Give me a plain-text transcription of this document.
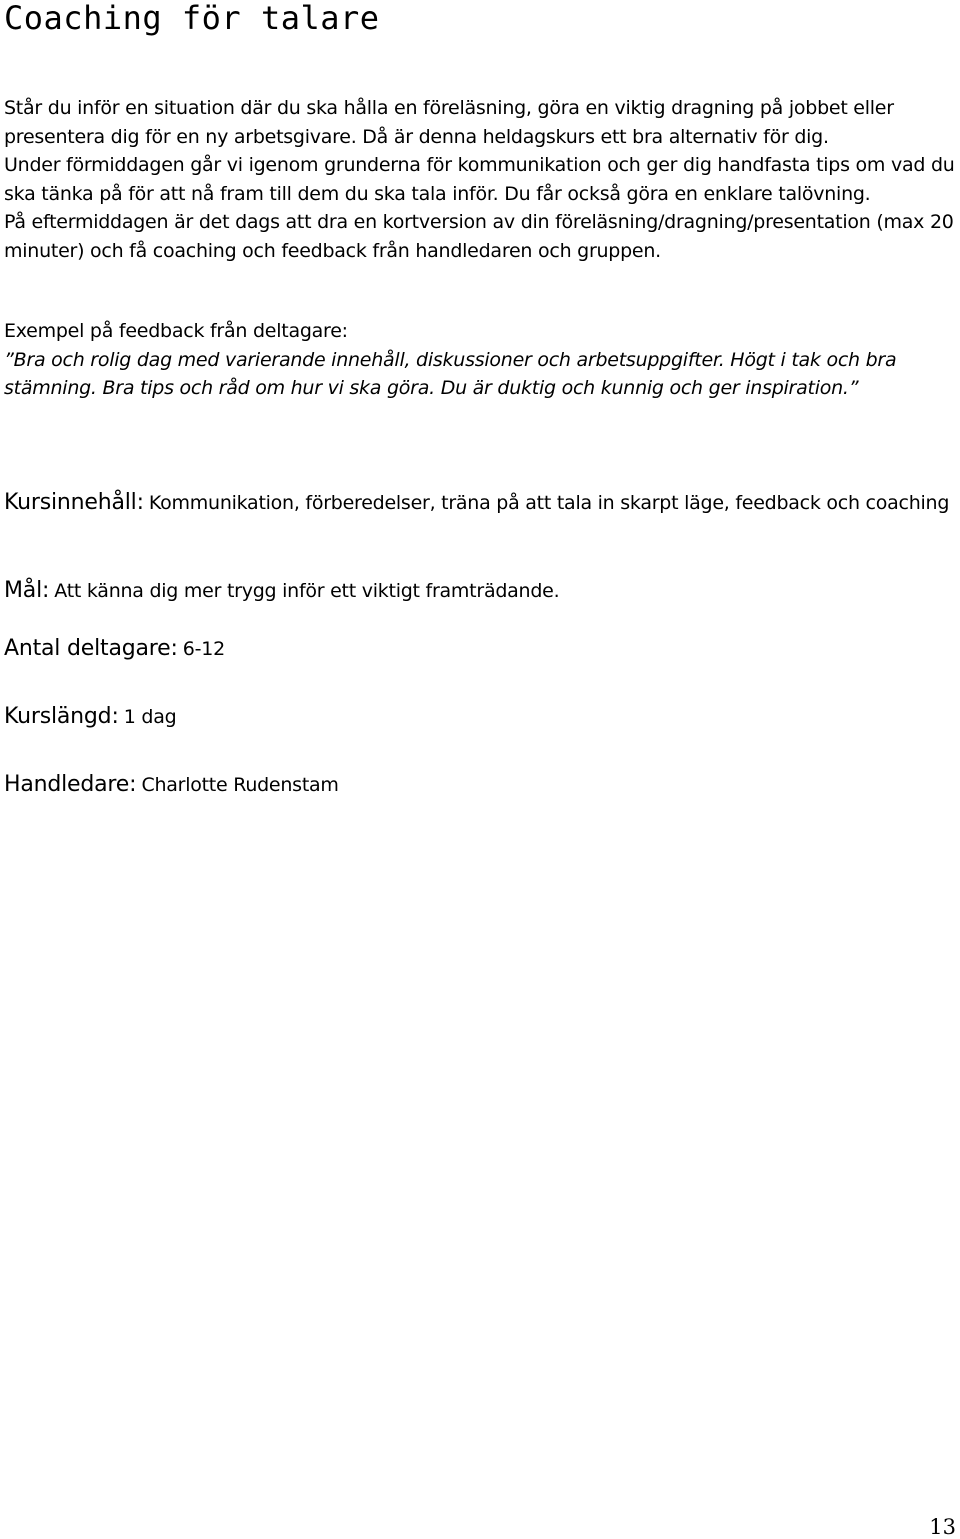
Coaching för talare

Står du inför en situation där du ska hålla en föreläsning, göra en viktig dragning på jobbet eller presentera dig för en ny arbetsgivare. Då är denna heldagskurs ett bra alternativ för dig.

Under förmiddagen går vi igenom grunderna för kommunikation och ger dig handfasta tips om vad du ska tänka på för att nå fram till dem du ska tala inför. Du får också göra en enklare talövning.

På eftermiddagen är det dags att dra en kortversion av din föreläsning/dragning/presentation (max 20 minuter) och få coaching och feedback från handledaren och gruppen.

Exempel på feedback från deltagare:

”Bra och rolig dag med varierande innehåll, diskussioner och arbetsuppgifter. Högt i tak och bra stämning. Bra tips och råd om hur vi ska göra. Du är duktig och kunnig och ger inspiration.”

Kursinnehåll: Kommunikation, förberedelser, träna på att tala in skarpt läge, feedback och coaching

Mål: Att känna dig mer trygg inför ett viktigt framträdande.

Antal deltagare: 6-12

Kurslängd: 1 dag

Handledare: Charlotte Rudenstam

13
